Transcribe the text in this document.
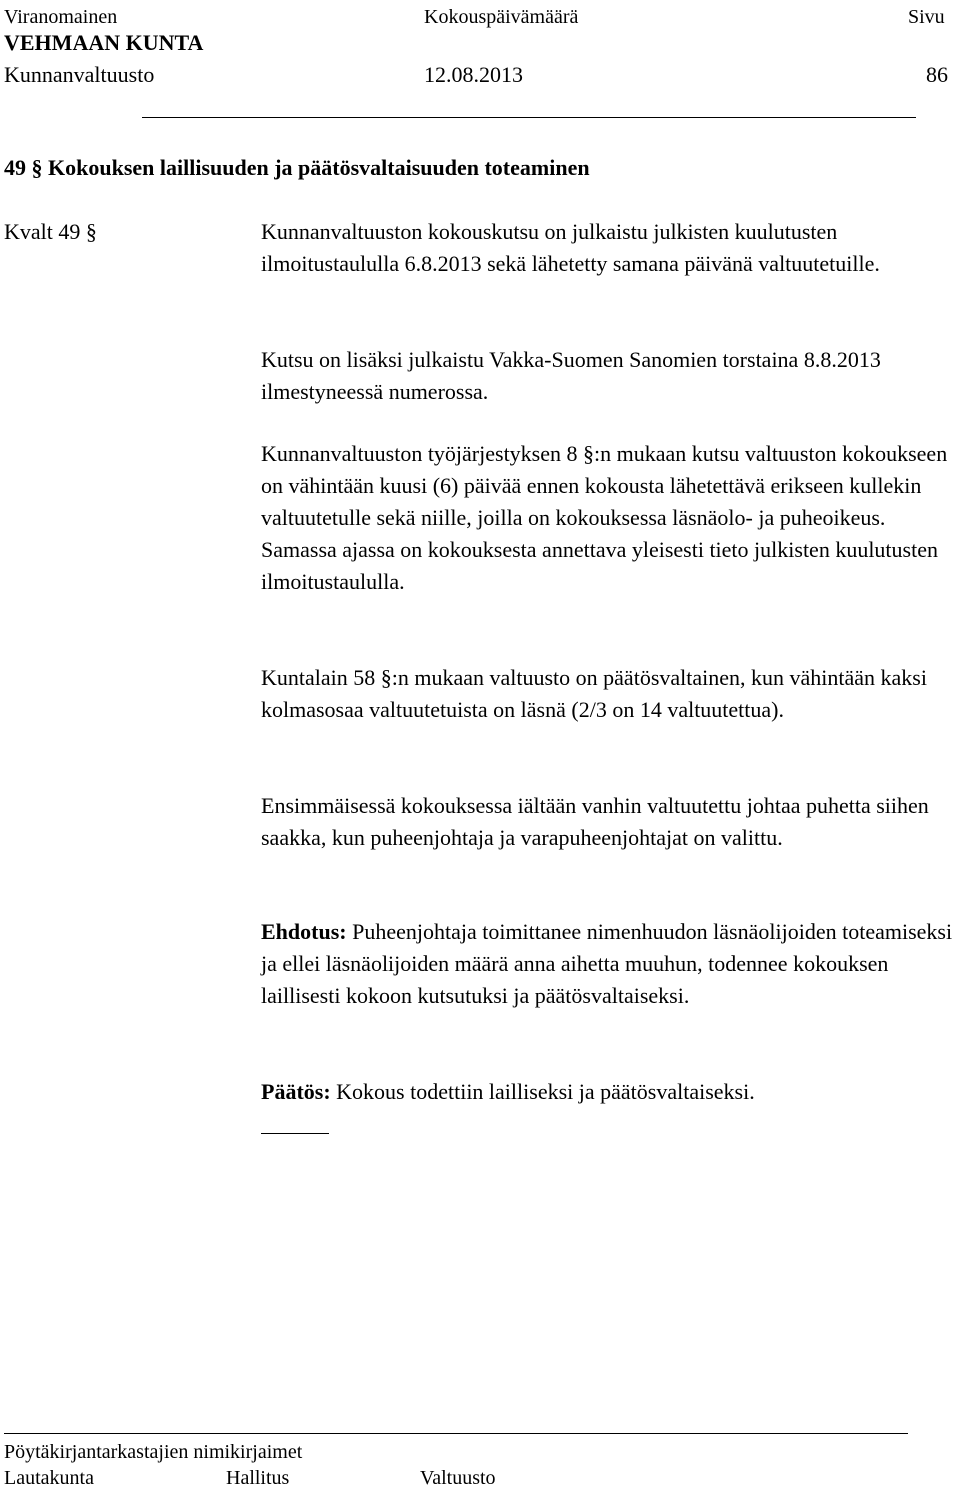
Viranomainen	Kokouspäivämäärä	Sivu
VEHMAAN KUNTA
Kunnanvaltuusto	12.08.2013	86
49 § Kokouksen laillisuuden ja päätösvaltaisuuden toteaminen
Kvalt 49 §	Kunnanvaltuuston kokouskutsu on julkaistu julkisten kuulutusten ilmoitustaululla 6.8.2013 sekä lähetetty samana päivänä valtuutetuille.

Kutsu on lisäksi julkaistu Vakka-Suomen Sanomien torstaina 8.8.2013 ilmestyneessä numerossa.

Kunnanvaltuuston työjärjestyksen 8 §:n mukaan kutsu valtuuston kokoukseen on vähintään kuusi (6) päivää ennen kokousta lähetettävä erikseen kullekin valtuutetulle sekä niille, joilla on kokouksessa läsnäolo- ja puheoikeus. Samassa ajassa on kokouksesta annettava yleisesti tieto julkisten kuulutusten ilmoitustaululla.

Kuntalain 58 §:n mukaan valtuusto on päätösvaltainen, kun vähintään kaksi kolmasosaa valtuutetuista on läsnä (2/3 on 14 valtuutettua).

Ensimmäisessä kokouksessa iältään vanhin valtuutettu johtaa puhetta siihen saakka, kun puheenjohtaja ja varapuheenjohtajat on valittu.

Ehdotus: Puheenjohtaja toimittanee nimenhuudon läsnäolijoiden toteamiseksi ja ellei läsnäolijoiden määrä anna aihetta muuhun, todennee kokouksen laillisesti kokoon kutsutuksi ja päätösvaltaiseksi.

Päätös: Kokous todettiin lailliseksi ja päätösvaltaiseksi.

Pöytäkirjantarkastajien nimikirjaimet
Lautakunta	Hallitus	Valtuusto
